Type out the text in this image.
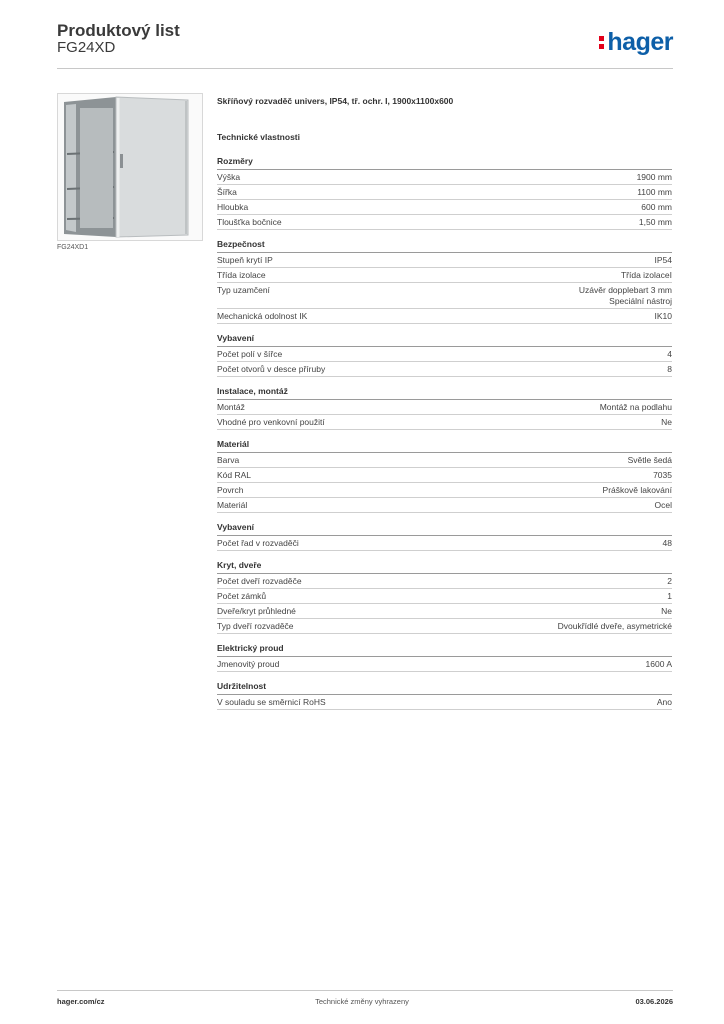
Produktový list
FG24XD	hager
FG24XD1
Skříňový rozvaděč univers, IP54, tř. ochr. I, 1900x1100x600
Technické vlastnosti
Rozměry
Výška	1900 mm
Šířka	1100 mm
Hloubka	600 mm
Tloušťka bočnice	1,50 mm
Bezpečnost
Stupeň krytí IP	IP54
Třída izolace	Třída izolaceI
Typ uzamčení	Uzávěr dopplebart 3 mm
Speciální nástroj
Mechanická odolnost IK	IK10
Vybavení
Počet polí v šířce	4
Počet otvorů v desce příruby	8
Instalace, montáž
Montáž	Montáž na podlahu
Vhodné pro venkovní použití	Ne
Materiál
Barva	Světle šedá
Kód RAL	7035
Povrch	Práškově lakování
Materiál	Ocel
Vybavení
Počet řad v rozvaděči	48
Kryt, dveře
Počet dveří rozvaděče	2
Počet zámků	1
Dveře/kryt průhledné	Ne
Typ dveří rozvaděče	Dvoukřídlé dveře, asymetrické
Elektrický proud
Jmenovitý proud	1600 A
Udržitelnost
V souladu se směrnicí RoHS	Ano
hager.com/cz	Technické změny vyhrazeny	03.06.2026
